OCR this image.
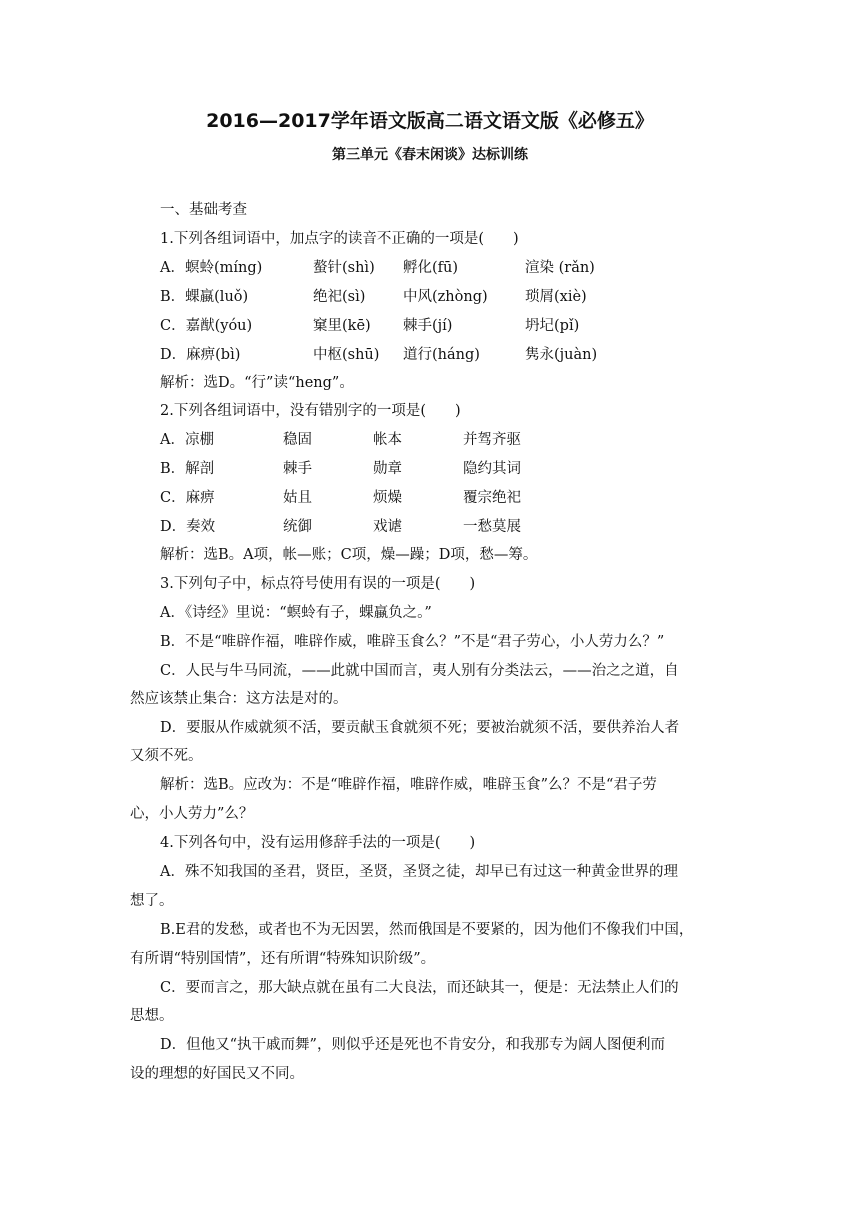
2016—2017学年语文版高二语文语文版《必修五》
第三单元《春末闲谈》达标训练
一、基础考查
1.下列各组词语中，加点字的读音不正确的一项是(　　)
A．螟蛉(míng)	螯针(shì) 孵化(fū)	渲染 (rǎn)
B．蜾蠃(luǒ)	绝祀(sì)	中风(zhòng)	琐屑(xiè)
C．嘉猷(yóu)	窠里(kē) 棘手(jí)	坍圮(pǐ)
D．麻痹(bì)	中枢(shū) 道行(háng)	隽永(juàn)
解析：选D。“行”读“heng”。
2.下列各组词语中，没有错别字的一项是(　　)
A．凉棚	稳固	帐本	并驾齐驱
B．解剖	棘手	勋章	隐约其词
C．麻痹	姑且	烦燥	覆宗绝祀
D．奏效	统御	戏谑	一愁莫展
解析：选B。A项，帐—账；C项，燥—躁；D项，愁—筹。
3.下列句子中，标点符号使用有误的一项是(　　)
A．《诗经》里说：“螟蛉有子，蜾蠃负之。”
B．不是“唯辟作福，唯辟作威，唯辟玉食么？”不是“君子劳心，小人劳力么？”
C．人民与牛马同流，——此就中国而言，夷人别有分类法云，——治之之道，自
然应该禁止集合：这方法是对的。
D．要服从作威就须不活，要贡献玉食就须不死；要被治就须不活，要供养治人者
又须不死。
解析：选B。应改为：不是“唯辟作福，唯辟作威，唯辟玉食”么？不是“君子劳
心，小人劳力”么？
4.下列各句中，没有运用修辞手法的一项是(　　)
A．殊不知我国的圣君，贤臣，圣贤，圣贤之徒，却早已有过这一种黄金世界的理
想了。
B.E君的发愁，或者也不为无因罢，然而俄国是不要紧的，因为他们不像我们中国，
有所谓“特别国情”，还有所谓“特殊知识阶级”。
C．要而言之，那大缺点就在虽有二大良法，而还缺其一，便是：无法禁止人们的
思想。
D．但他又“执干戚而舞”，则似乎还是死也不肯安分，和我那专为阔人图便利而
设的理想的好国民又不同。
